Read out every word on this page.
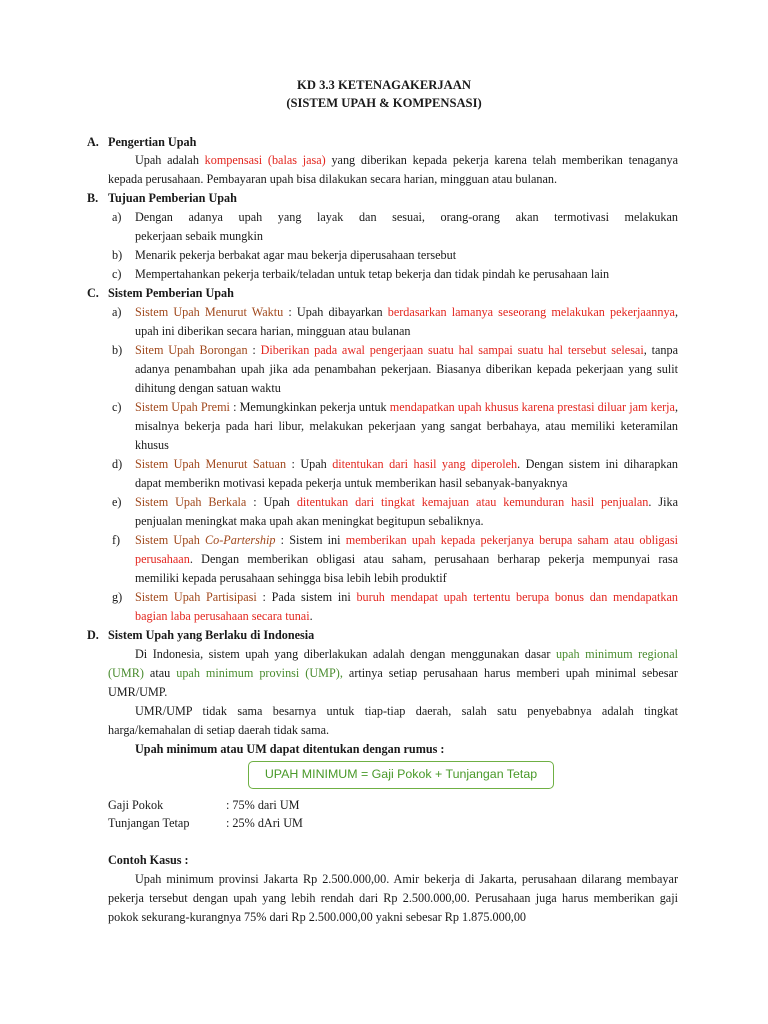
KD 3.3 KETENAGAKERJAAN
(SISTEM UPAH & KOMPENSASI)
A. Pengertian Upah
Upah adalah kompensasi (balas jasa) yang diberikan kepada pekerja karena telah memberikan tenaganya
kepada perusahaan. Pembayaran upah bisa dilakukan secara harian, mingguan atau bulanan.
B. Tujuan Pemberian Upah
a) Dengan adanya upah yang layak dan sesuai, orang-orang akan termotivasi melakukan
pekerjaan sebaik mungkin
b) Menarik pekerja berbakat agar mau bekerja diperusahaan tersebut
c) Mempertahankan pekerja terbaik/teladan untuk tetap bekerja dan tidak pindah ke perusahaan lain
C. Sistem Pemberian Upah
a) Sistem Upah Menurut Waktu : Upah dibayarkan berdasarkan lamanya seseorang melakukan pekerjaannya,
upah ini diberikan secara harian, mingguan atau bulanan
b) Sitem Upah Borongan : Diberikan pada awal pengerjaan suatu hal sampai suatu hal tersebut selesai, tanpa
adanya penambahan upah jika ada penambahan pekerjaan. Biasanya diberikan kepada pekerjaan yang sulit
dihitung dengan satuan waktu
c) Sistem Upah Premi : Memungkinkan pekerja untuk mendapatkan upah khusus karena prestasi diluar jam kerja,
misalnya bekerja pada hari libur, melakukan pekerjaan yang sangat berbahaya, atau memiliki keteramilan
khusus
d) Sistem Upah Menurut Satuan : Upah ditentukan dari hasil yang diperoleh. Dengan sistem ini diharapkan
dapat memberikn motivasi kepada pekerja untuk memberikan hasil sebanyak-banyaknya
e) Sistem Upah Berkala : Upah ditentukan dari tingkat kemajuan atau kemunduran hasil penjualan. Jika
penjualan meningkat maka upah akan meningkat begitupun sebaliknya.
f) Sistem Upah Co-Partership : Sistem ini memberikan upah kepada pekerjanya berupa saham atau obligasi
perusahaan. Dengan memberikan obligasi atau saham, perusahaan berharap pekerja mempunyai rasa
memiliki kepada perusahaan sehingga bisa lebih lebih produktif
g) Sistem Upah Partisipasi : Pada sistem ini buruh mendapat upah tertentu berupa bonus dan mendapatkan
bagian laba perusahaan secara tunai.
D. Sistem Upah yang Berlaku di Indonesia
Di Indonesia, sistem upah yang diberlakukan adalah dengan menggunakan dasar upah minimum regional
(UMR) atau upah minimum provinsi (UMP), artinya setiap perusahaan harus memberi upah minimal sebesar
UMR/UMP.
UMR/UMP tidak sama besarnya untuk tiap-tiap daerah, salah satu penyebabnya adalah tingkat
harga/kemahalan di setiap daerah tidak sama.
Upah minimum atau UM dapat ditentukan dengan rumus :
UPAH MINIMUM = Gaji Pokok + Tunjangan Tetap
Gaji Pokok	: 75% dari UM
Tunjangan Tetap	: 25% dAri UM
Contoh Kasus :
Upah minimum provinsi Jakarta Rp 2.500.000,00. Amir bekerja di Jakarta, perusahaan dilarang membayar
pekerja tersebut dengan upah yang lebih rendah dari Rp 2.500.000,00. Perusahaan juga harus memberikan gaji
pokok sekurang-kurangnya 75% dari Rp 2.500.000,00 yakni sebesar Rp 1.875.000,00
